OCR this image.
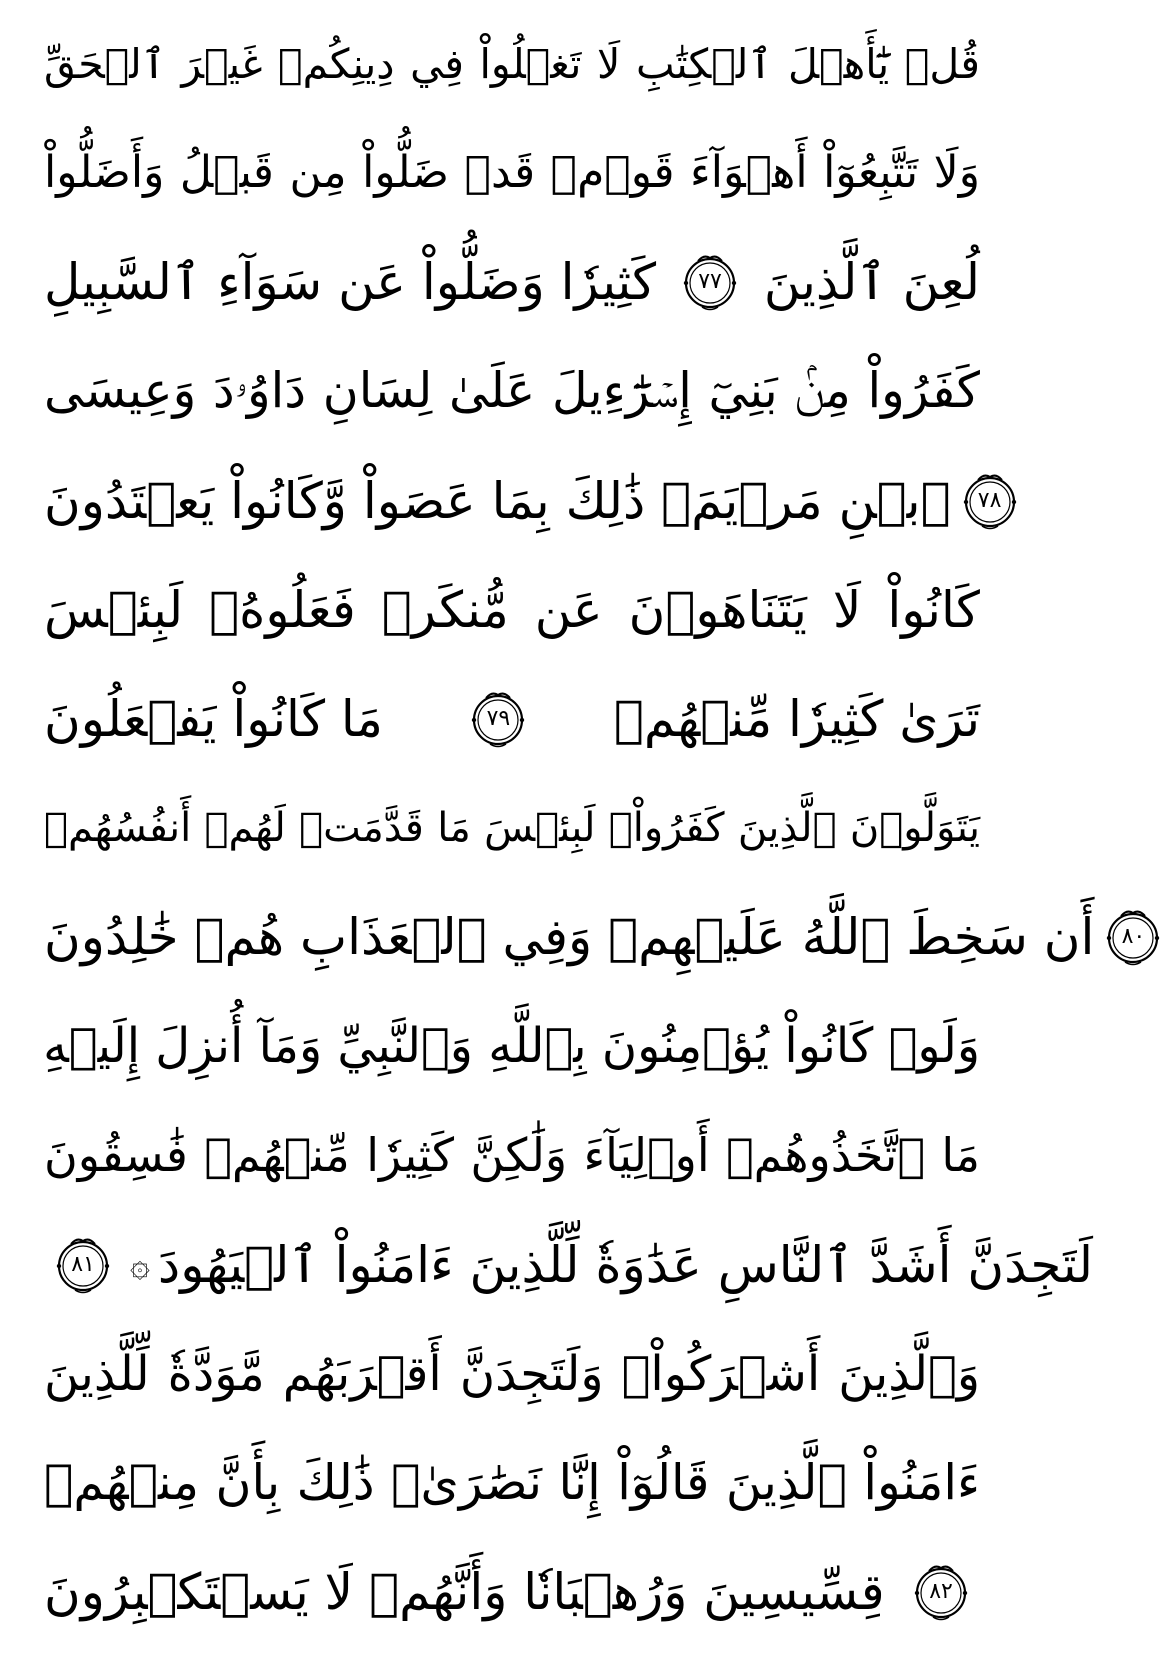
قُلۡ يَٰٓأَهۡلَ ٱلۡكِتَٰبِ لَا تَغۡلُواْ فِي دِينِكُمۡ غَيۡرَ ٱلۡحَقِّ
وَلَا تَتَّبِعُوٓاْ أَهۡوَآءَ قَوۡمٖ قَدۡ ضَلُّواْ مِن قَبۡلُ وَأَضَلُّواْ
كَثِيرٗا وَضَلُّواْ عَن سَوَآءِ ٱلسَّبِيلِ ٧٧ لُعِنَ ٱلَّذِينَ
كَفَرُواْ مِنۢ بَنِيٓ إِسۡرَٰٓءِيلَ عَلَىٰ لِسَانِ دَاوُۥدَ وَعِيسَى
ٱبۡنِ مَرۡيَمَۚ ذَٰلِكَ بِمَا عَصَواْ وَّكَانُواْ يَعۡتَدُونَ ٧٨
كَانُواْ لَا يَتَنَاهَوۡنَ عَن مُّنكَرٖ فَعَلُوهُۚ لَبِئۡسَ
مَا كَانُواْ يَفۡعَلُونَ	٧٩ تَرَىٰ كَثِيرٗا مِّنۡهُمۡ
يَتَوَلَّوۡنَ ٱلَّذِينَ كَفَرُواْۚ لَبِئۡسَ مَا قَدَّمَتۡ لَهُمۡ أَنفُسُهُمۡ
أَن سَخِطَ ٱللَّهُ عَلَيۡهِمۡ وَفِي ٱلۡعَذَابِ هُمۡ خَٰلِدُونَ ٨٠
وَلَوۡ كَانُواْ يُؤۡمِنُونَ بِٱللَّهِ وَٱلنَّبِيِّ وَمَآ أُنزِلَ إِلَيۡهِ
مَا ٱتَّخَذُوهُمۡ أَوۡلِيَآءَ وَلَٰكِنَّ كَثِيرٗا مِّنۡهُمۡ فَٰسِقُونَ
٨١ ۞ لَتَجِدَنَّ أَشَدَّ ٱلنَّاسِ عَدَٰوَةٗ لِّلَّذِينَ ءَامَنُواْ ٱلۡيَهُودَ
وَٱلَّذِينَ أَشۡرَكُواْۖ وَلَتَجِدَنَّ أَقۡرَبَهُم مَّوَدَّةٗ لِّلَّذِينَ
ءَامَنُواْ ٱلَّذِينَ قَالُوٓاْ إِنَّا نَصَٰرَىٰۚ ذَٰلِكَ بِأَنَّ مِنۡهُمۡ
قِسِّيسِينَ وَرُهۡبَانٗا وَأَنَّهُمۡ لَا يَسۡتَكۡبِرُونَ ٨٢
